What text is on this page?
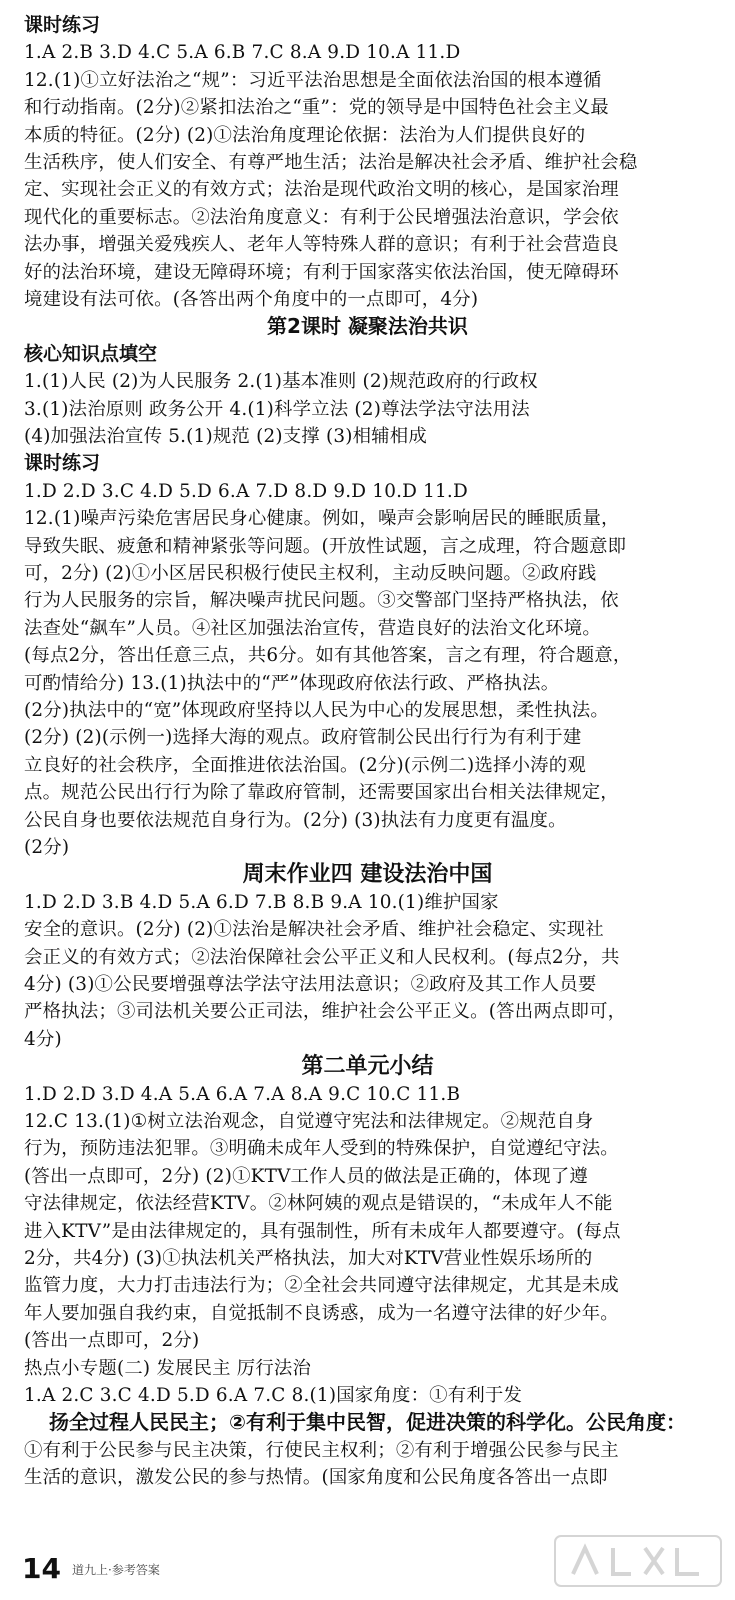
课时练习
1.A 2.B 3.D 4.C 5.A 6.B 7.C 8.A 9.D 10.A 11.D
12.(1)①立好法治之“规”：习近平法治思想是全面依法治国的根本遵循
和行动指南。(2分)②紧扣法治之“重”：党的领导是中国特色社会主义最
本质的特征。(2分) (2)①法治角度理论依据：法治为人们提供良好的
生活秩序，使人们安全、有尊严地生活；法治是解决社会矛盾、维护社会稳
定、实现社会正义的有效方式；法治是现代政治文明的核心，是国家治理
现代化的重要标志。②法治角度意义：有利于公民增强法治意识，学会依
法办事，增强关爱残疾人、老年人等特殊人群的意识；有利于社会营造良
好的法治环境，建设无障碍环境；有利于国家落实依法治国，使无障碍环
境建设有法可依。(各答出两个角度中的一点即可，4分)
第2课时 凝聚法治共识
核心知识点填空
1.(1)人民 (2)为人民服务 2.(1)基本准则 (2)规范政府的行政权
3.(1)法治原则 政务公开 4.(1)科学立法 (2)尊法学法守法用法
(4)加强法治宣传 5.(1)规范 (2)支撑 (3)相辅相成
课时练习
1.D 2.D 3.C 4.D 5.D 6.A 7.D 8.D 9.D 10.D 11.D
12.(1)噪声污染危害居民身心健康。例如，噪声会影响居民的睡眠质量，
导致失眠、疲惫和精神紧张等问题。(开放性试题，言之成理，符合题意即
可，2分) (2)①小区居民积极行使民主权利，主动反映问题。②政府践
行为人民服务的宗旨，解决噪声扰民问题。③交警部门坚持严格执法，依
法查处“飙车”人员。④社区加强法治宣传，营造良好的法治文化环境。
(每点2分，答出任意三点，共6分。如有其他答案，言之有理，符合题意，
可酌情给分) 13.(1)执法中的“严”体现政府依法行政、严格执法。
(2分)执法中的“宽”体现政府坚持以人民为中心的发展思想，柔性执法。
(2分) (2)(示例一)选择大海的观点。政府管制公民出行行为有利于建
立良好的社会秩序，全面推进依法治国。(2分)(示例二)选择小涛的观
点。规范公民出行行为除了靠政府管制，还需要国家出台相关法律规定，
公民自身也要依法规范自身行为。(2分) (3)执法有力度更有温度。
(2分)
周末作业四 建设法治中国
1.D 2.D 3.B 4.D 5.A 6.D 7.B 8.B 9.A 10.(1)维护国家
安全的意识。(2分) (2)①法治是解决社会矛盾、维护社会稳定、实现社
会正义的有效方式；②法治保障社会公平正义和人民权利。(每点2分，共
4分) (3)①公民要增强尊法学法守法用法意识；②政府及其工作人员要
严格执法；③司法机关要公正司法，维护社会公平正义。(答出两点即可，
4分)
第二单元小结
1.D 2.D 3.D 4.A 5.A 6.A 7.A 8.A 9.C 10.C 11.B
12.C 13.(1)①树立法治观念，自觉遵守宪法和法律规定。②规范自身
行为，预防违法犯罪。③明确未成年人受到的特殊保护，自觉遵纪守法。
(答出一点即可，2分) (2)①KTV工作人员的做法是正确的，体现了遵
守法律规定，依法经营KTV。②林阿姨的观点是错误的，“未成年人不能
进入KTV”是由法律规定的，具有强制性，所有未成年人都要遵守。(每点
2分，共4分) (3)①执法机关严格执法，加大对KTV营业性娱乐场所的
监管力度，大力打击违法行为；②全社会共同遵守法律规定，尤其是未成
年人要加强自我约束，自觉抵制不良诱惑，成为一名遵守法律的好少年。
(答出一点即可，2分)
热点小专题(二) 发展民主 厉行法治
1.A 2.C 3.C 4.D 5.D 6.A 7.C 8.(1)国家角度：①有利于发
扬全过程人民民主；②有利于集中民智，促进决策的科学化。公民角度：
①有利于公民参与民主决策，行使民主权利；②有利于增强公民参与民主
生活的意识，激发公民的参与热情。(国家角度和公民角度各答出一点即
14 道九上·参考答案
